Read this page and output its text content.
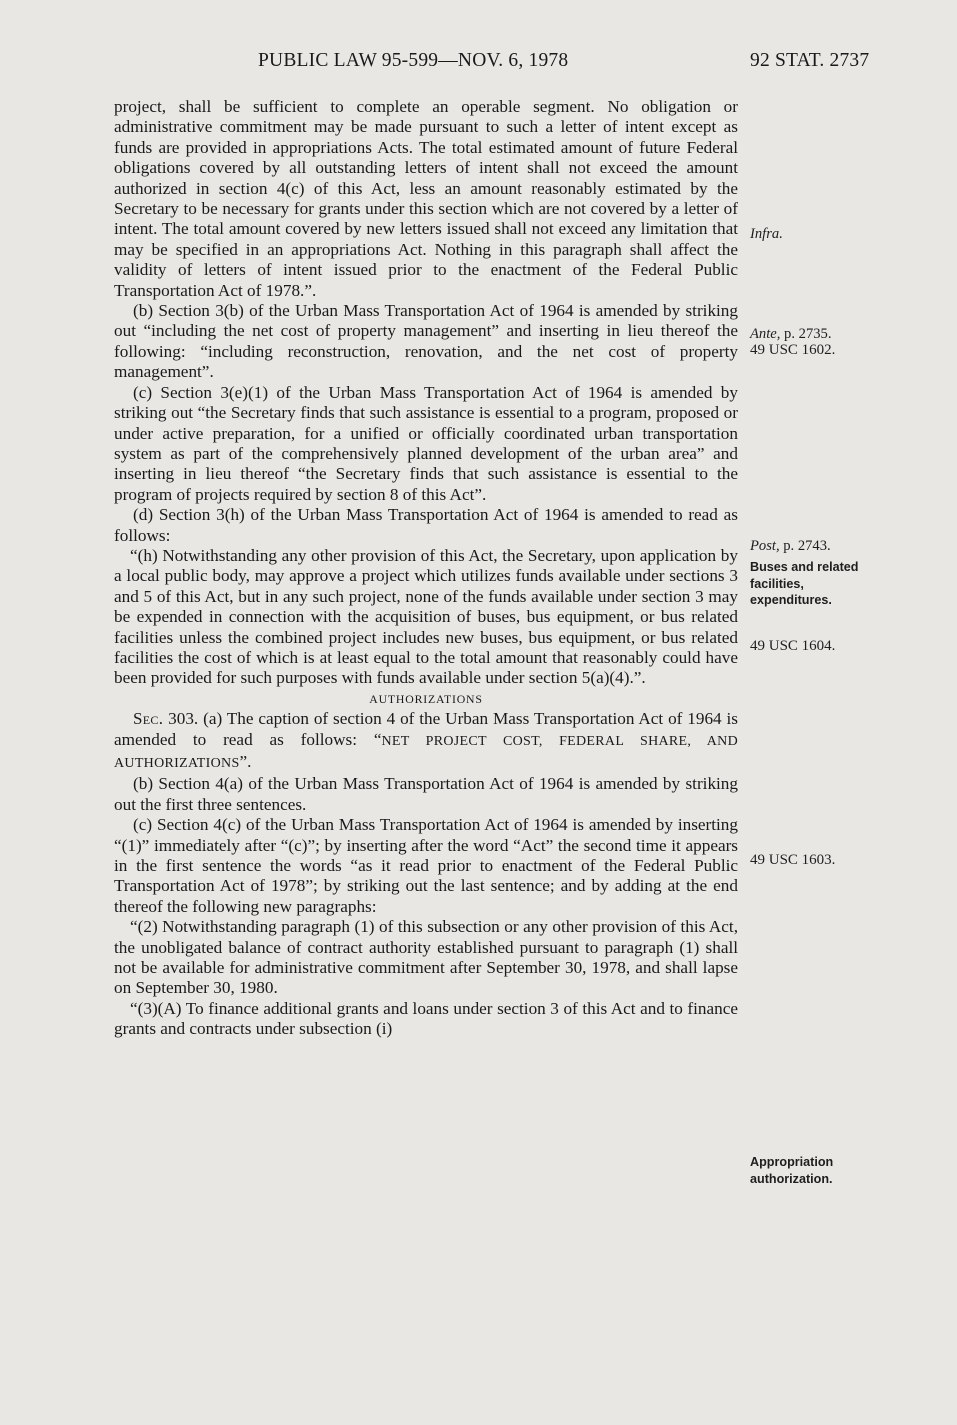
PUBLIC LAW 95-599—NOV. 6, 1978	92 STAT. 2737

project, shall be sufficient to complete an operable segment. No obligation or administrative commitment may be made pursuant to such a letter of intent except as funds are provided in appropriations Acts. The total estimated amount of future Federal obligations covered by all outstanding letters of intent shall not exceed the amount authorized in section 4(c) of this Act, less an amount reasonably estimated by the Secretary to be necessary for grants under this section which are not covered by a letter of intent. The total amount covered by new letters issued shall not exceed any limitation that may be specified in an appropriations Act. Nothing in this paragraph shall affect the validity of letters of intent issued prior to the enactment of the Federal Public Transportation Act of 1978.”.

(b) Section 3(b) of the Urban Mass Transportation Act of 1964 is amended by striking out “including the net cost of property management” and inserting in lieu thereof the following: “including reconstruction, renovation, and the net cost of property management”.

(c) Section 3(e)(1) of the Urban Mass Transportation Act of 1964 is amended by striking out “the Secretary finds that such assistance is essential to a program, proposed or under active preparation, for a unified or officially coordinated urban transportation system as part of the comprehensively planned development of the urban area” and inserting in lieu thereof “the Secretary finds that such assistance is essential to the program of projects required by section 8 of this Act”.

(d) Section 3(h) of the Urban Mass Transportation Act of 1964 is amended to read as follows:

“(h) Notwithstanding any other provision of this Act, the Secretary, upon application by a local public body, may approve a project which utilizes funds available under sections 3 and 5 of this Act, but in any such project, none of the funds available under section 3 may be expended in connection with the acquisition of buses, bus equipment, or bus related facilities unless the combined project includes new buses, bus equipment, or bus related facilities the cost of which is at least equal to the total amount that reasonably could have been provided for such purposes with funds available under section 5(a)(4).”.

AUTHORIZATIONS

Sec. 303. (a) The caption of section 4 of the Urban Mass Transportation Act of 1964 is amended to read as follows: “NET PROJECT COST, FEDERAL SHARE, AND AUTHORIZATIONS”.

(b) Section 4(a) of the Urban Mass Transportation Act of 1964 is amended by striking out the first three sentences.

(c) Section 4(c) of the Urban Mass Transportation Act of 1964 is amended by inserting “(1)” immediately after “(c)”; by inserting after the word “Act” the second time it appears in the first sentence the words “as it read prior to enactment of the Federal Public Transportation Act of 1978”; by striking out the last sentence; and by adding at the end thereof the following new paragraphs:

“(2) Notwithstanding paragraph (1) of this subsection or any other provision of this Act, the unobligated balance of contract authority established pursuant to paragraph (1) shall not be available for administrative commitment after September 30, 1978, and shall lapse on September 30, 1980.

“(3)(A) To finance additional grants and loans under section 3 of this Act and to finance grants and contracts under subsection (i)

Infra.
Ante, p. 2735.
49 USC 1602.
Post, p. 2743.
Buses and related
facilities,
expenditures.
49 USC 1604.
49 USC 1603.
Appropriation
authorization.
